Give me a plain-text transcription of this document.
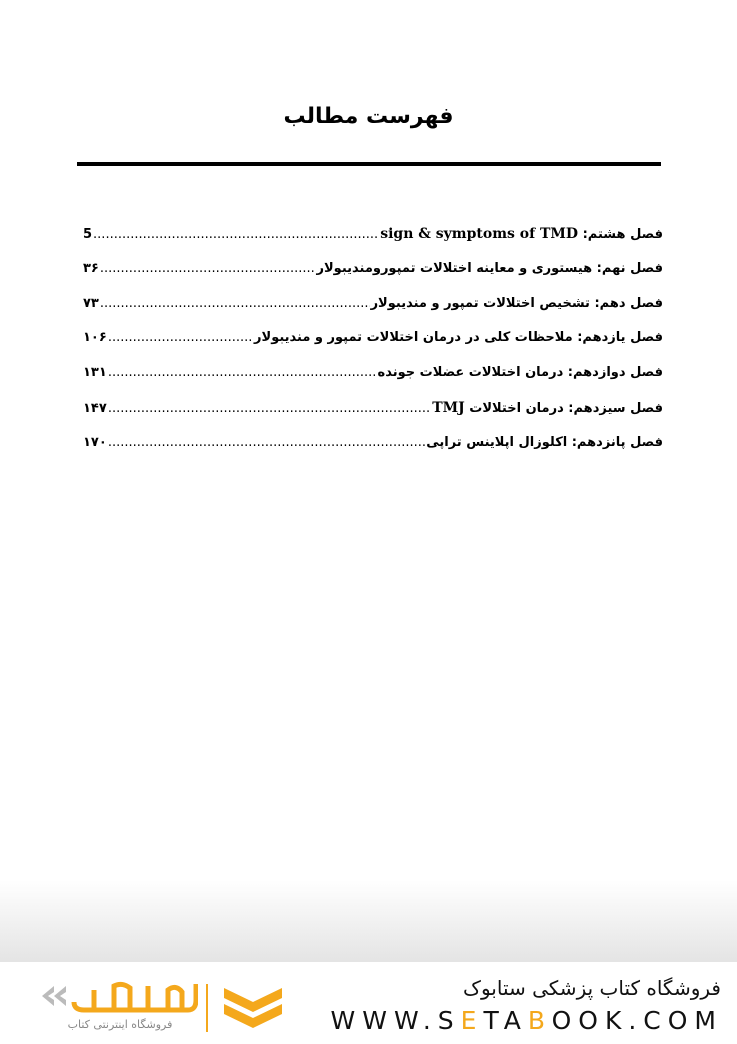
فهرست مطالب
فصل هشتم: sign & symptoms of TMD
.....
5
فصل نهم: هیستوری و معاینه اختلالات تمپورومندیبولار
.....
۳۶
فصل دهم: تشخیص اختلالات تمپور و مندیبولار
.....
۷۳
فصل یازدهم: ملاحظات کلی در درمان اختلالات تمپور و مندیبولار
.....
۱۰۶
فصل دوازدهم: درمان اختلالات عضلات جونده
.....
۱۳۱
فصل سیزدهم: درمان اختلالات TMJ
.....
۱۴۷
فصل پانزدهم: اکلوزال اپلاینس تراپی
.....
۱۷۰
فروشگاه کتاب پزشکی ستابوک
WWW.SETABOOK.COM
فروشگاه اینترنتی کتاب
